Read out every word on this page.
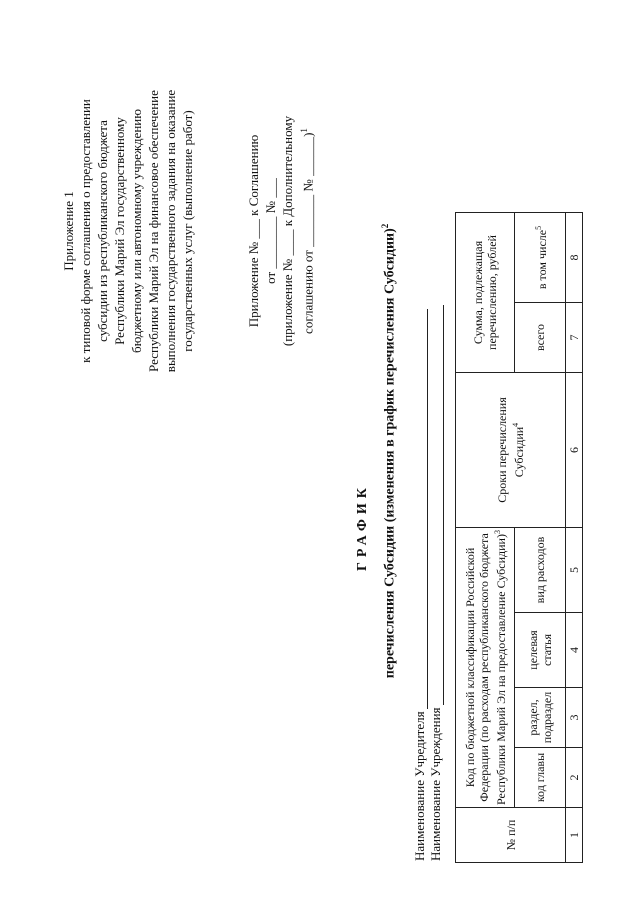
Приложение 1 к типовой форме соглашения о предоставлении субсидии из республиканского бюджета Республики Марий Эл государственному бюджетному или автономному учреждению Республики Марий Эл на финансовое обеспечение выполнения государственного задания на оказание государственных услуг (выполнение работ)	Приложение № ___ к Соглашению от ________ № ___ (приложение № ____ к Дополнительному соглашению от ________ № ______)$^1$
ГРАФИК перечисления Субсидии (изменения в график перечисления Субсидии)$^2$
Наименование Учредителя Наименование Учреждения	№ п/п	Код по бюджетной классификации Российской Федерации (по расходам республиканского бюджета Республики Марий Эл на предоставление Субсидии)$^3$				Сроки перечисления Субсидии$^4$	Сумма, подлежащая перечислению, рублей	
	код главы	раздел, подраздел	целевая статья	вид расходов		всего	в том числе$^5$
1	2	3	4	5	6	7	8
